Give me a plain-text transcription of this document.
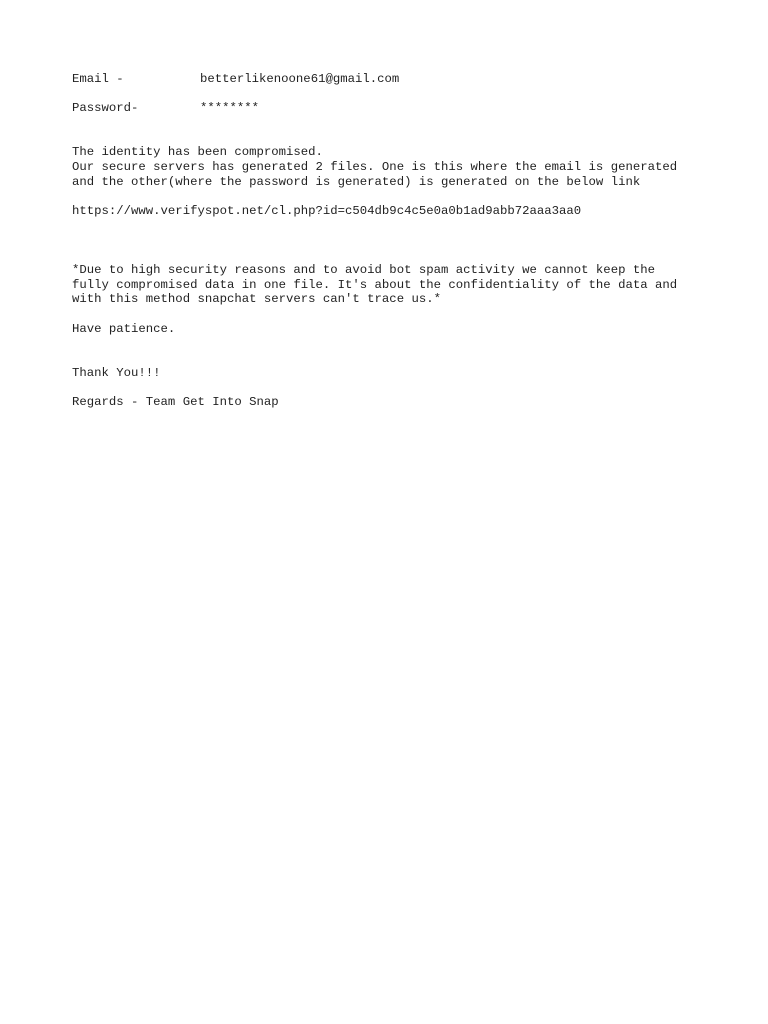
Email -	betterlikenoone61@gmail.com
Password-	********
The identity has been compromised.
Our secure servers has generated 2 files. One is this where the email is generated
and the other(where the password is generated) is generated on the below link
https://www.verifyspot.net/cl.php?id=c504db9c4c5e0a0b1ad9abb72aaa3aa0
*Due to high security reasons and to avoid bot spam activity we cannot keep the
fully compromised data in one file. It's about the confidentiality of the data and
with this method snapchat servers can't trace us.*
Have patience.
Thank You!!!
Regards - Team Get Into Snap
